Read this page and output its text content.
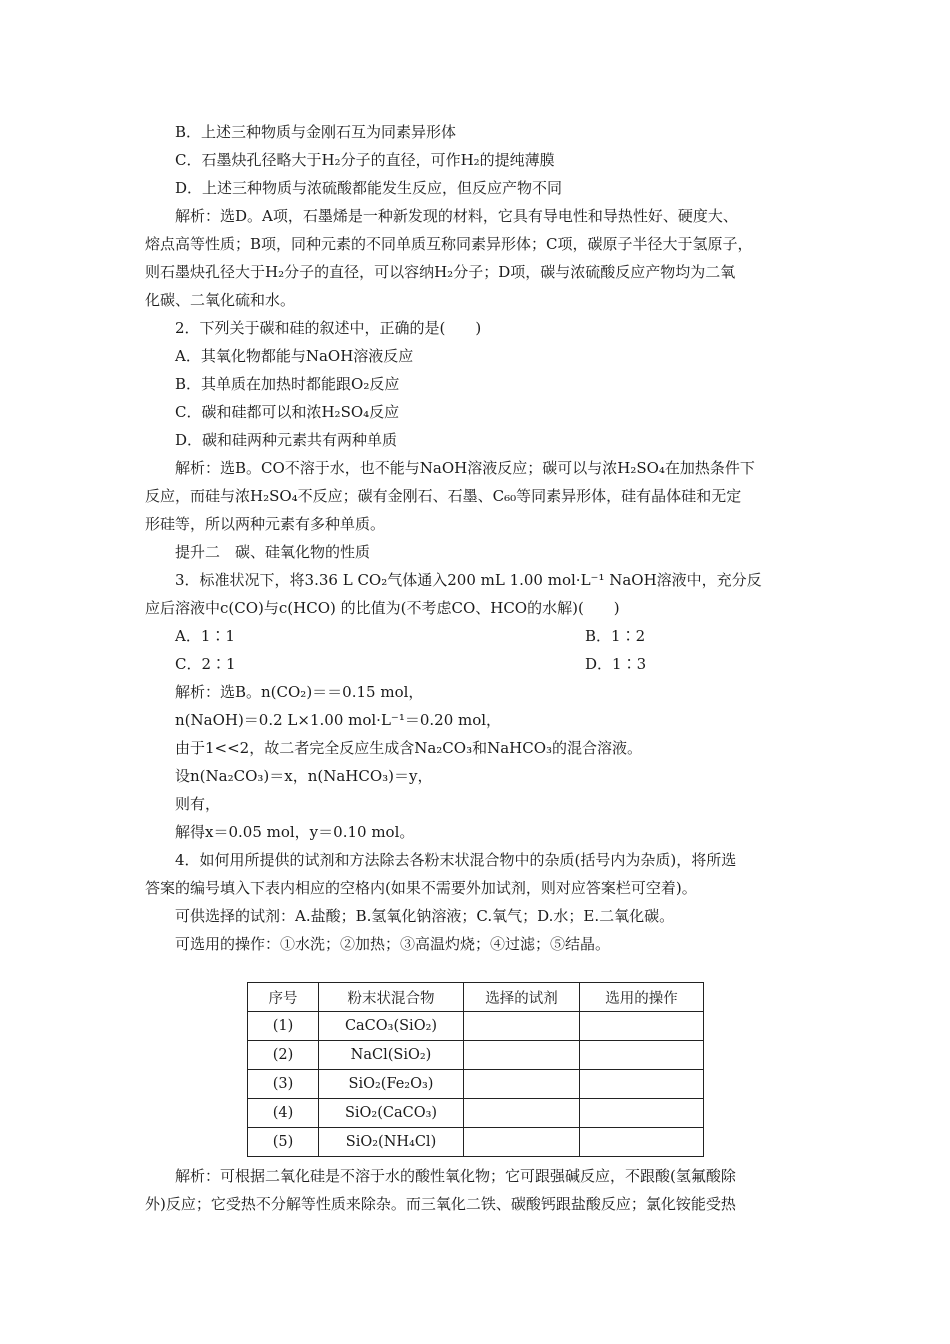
B．上述三种物质与金刚石互为同素异形体
C．石墨炔孔径略大于H₂分子的直径，可作H₂的提纯薄膜
D．上述三种物质与浓硫酸都能发生反应，但反应产物不同
解析：选D。A项，石墨烯是一种新发现的材料，它具有导电性和导热性好、硬度大、
熔点高等性质；B项，同种元素的不同单质互称同素异形体；C项，碳原子半径大于氢原子，
则石墨炔孔径大于H₂分子的直径，可以容纳H₂分子；D项，碳与浓硫酸反应产物均为二氧
化碳、二氧化硫和水。
2．下列关于碳和硅的叙述中，正确的是(　　)
A．其氧化物都能与NaOH溶液反应
B．其单质在加热时都能跟O₂反应
C．碳和硅都可以和浓H₂SO₄反应
D．碳和硅两种元素共有两种单质
解析：选B。CO不溶于水，也不能与NaOH溶液反应；碳可以与浓H₂SO₄在加热条件下
反应，而硅与浓H₂SO₄不反应；碳有金刚石、石墨、C₆₀等同素异形体，硅有晶体硅和无定
形硅等，所以两种元素有多种单质。
提升二　碳、硅氧化物的性质
3．标准状况下，将3.36 L CO₂气体通入200 mL 1.00 mol·L⁻¹ NaOH溶液中，充分反
应后溶液中c(CO)与c(HCO) 的比值为(不考虑CO、HCO的水解)(　　)
A．1∶1	B．1∶2
C．2∶1	D．1∶3
解析：选B。n(CO₂)＝＝0.15 mol，
n(NaOH)＝0.2 L×1.00 mol·L⁻¹＝0.20 mol，
由于1<<2，故二者完全反应生成含Na₂CO₃和NaHCO₃的混合溶液。
设n(Na₂CO₃)＝x，n(NaHCO₃)＝y，
则有，
解得x＝0.05 mol，y＝0.10 mol。
4．如何用所提供的试剂和方法除去各粉末状混合物中的杂质(括号内为杂质)，将所选
答案的编号填入下表内相应的空格内(如果不需要外加试剂，则对应答案栏可空着)。
可供选择的试剂：A.盐酸；B.氢氧化钠溶液；C.氧气；D.水；E.二氧化碳。
可选用的操作：①水洗；②加热；③高温灼烧；④过滤；⑤结晶。
序号	粉末状混合物	选择的试剂	选用的操作
(1)	CaCO₃(SiO₂)		
(2)	NaCl(SiO₂)		
(3)	SiO₂(Fe₂O₃)		
(4)	SiO₂(CaCO₃)		
(5)	SiO₂(NH₄Cl)		
解析：可根据二氧化硅是不溶于水的酸性氧化物；它可跟强碱反应，不跟酸(氢氟酸除
外)反应；它受热不分解等性质来除杂。而三氧化二铁、碳酸钙跟盐酸反应；氯化铵能受热
